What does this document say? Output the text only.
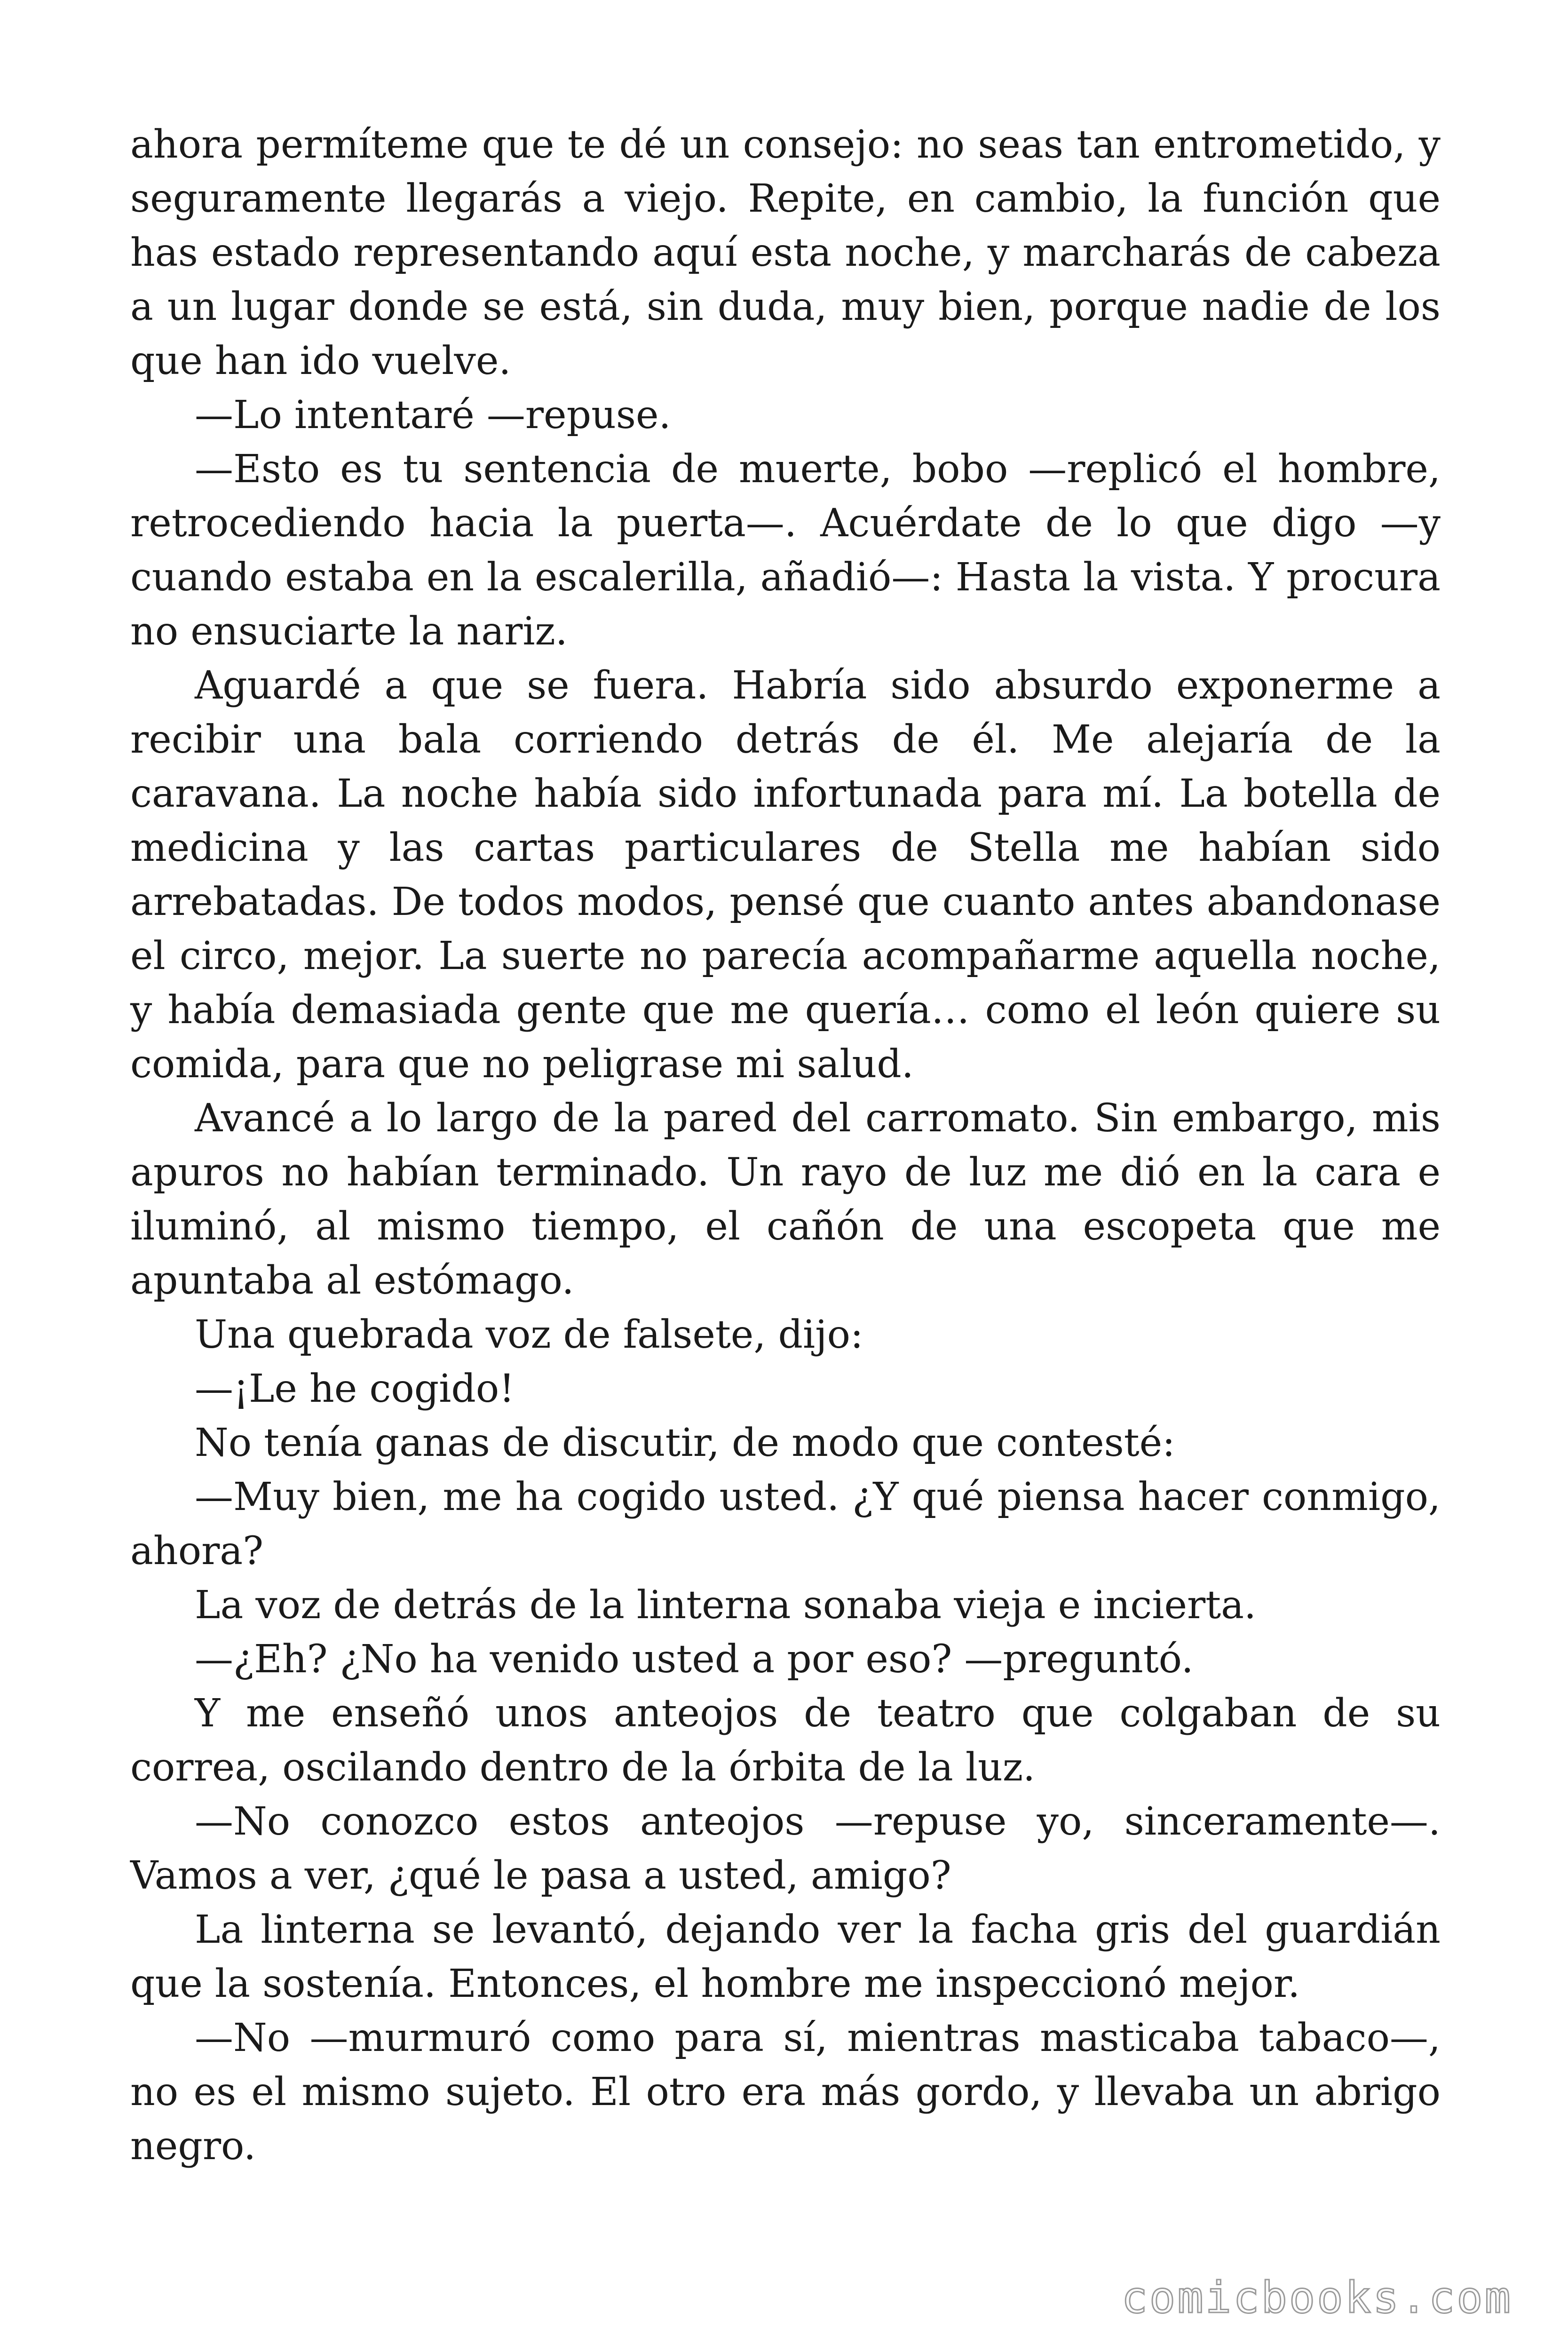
ahora permíteme que te dé un consejo: no seas tan entrometido, y seguramente llegarás a viejo. Repite, en cambio, la función que has estado representando aquí esta noche, y marcharás de cabeza a un lugar donde se está, sin duda, muy bien, porque nadie de los que han ido vuelve.

—Lo intentaré —repuse.

—Esto es tu sentencia de muerte, bobo —replicó el hombre, retrocediendo hacia la puerta—. Acuérdate de lo que digo —y cuando estaba en la escalerilla, añadió—: Hasta la vista. Y procura no ensuciarte la nariz.

Aguardé a que se fuera. Habría sido absurdo exponerme a recibir una bala corriendo detrás de él. Me alejaría de la caravana. La noche había sido infortunada para mí. La botella de medicina y las cartas particulares de Stella me habían sido arrebatadas. De todos modos, pensé que cuanto antes abandonase el circo, mejor. La suerte no parecía acompañarme aquella noche, y había demasiada gente que me quería… como el león quiere su comida, para que no peligrase mi salud.

Avancé a lo largo de la pared del carromato. Sin embargo, mis apuros no habían terminado. Un rayo de luz me dió en la cara e iluminó, al mismo tiempo, el cañón de una escopeta que me apuntaba al estómago.

Una quebrada voz de falsete, dijo:

—¡Le he cogido!

No tenía ganas de discutir, de modo que contesté:

—Muy bien, me ha cogido usted. ¿Y qué piensa hacer conmigo, ahora?

La voz de detrás de la linterna sonaba vieja e incierta.

—¿Eh? ¿No ha venido usted a por eso? —preguntó.

Y me enseñó unos anteojos de teatro que colgaban de su correa, oscilando dentro de la órbita de la luz.

—No conozco estos anteojos —repuse yo, sinceramente—. Vamos a ver, ¿qué le pasa a usted, amigo?

La linterna se levantó, dejando ver la facha gris del guardián que la sostenía. Entonces, el hombre me inspeccionó mejor.

—No —murmuró como para sí, mientras masticaba tabaco—, no es el mismo sujeto. El otro era más gordo, y llevaba un abrigo negro.

comicbooks.com
